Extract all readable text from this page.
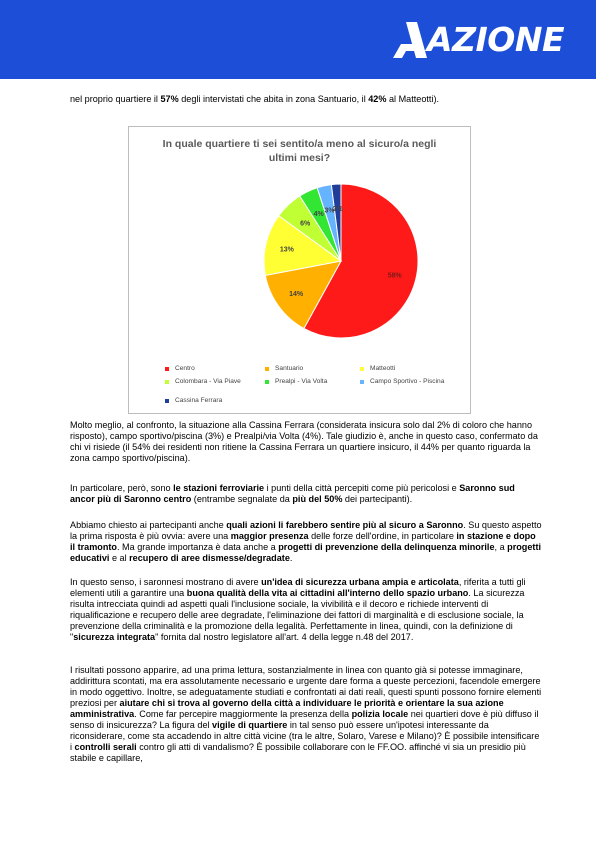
AZIONE
nel proprio quartiere il 57% degli intervistati che abita in zona Santuario, il 42% al Matteotti).
In quale quartiere ti sei sentito/a meno al sicuro/a negli ultimi mesi?
58%
14%
13%
6%
4%
3%
2%
Centro	Santuario	Matteotti
Colombara - Via Piave	Prealpi - Via Volta	Campo Sportivo - Piscina
Cassina Ferrara

Molto meglio, al confronto, la situazione alla Cassina Ferrara (considerata insicura solo dal 2% di coloro che hanno risposto), campo sportivo/piscina (3%) e Prealpi/via Volta (4%). Tale giudizio è, anche in questo caso, confermato da chi vi risiede (il 54% dei residenti non ritiene la Cassina Ferrara un quartiere insicuro, il 44% per quanto riguarda la zona campo sportivo/piscina).

In particolare, però, sono le stazioni ferroviarie i punti della città percepiti come più pericolosi e Saronno sud ancor più di Saronno centro (entrambe segnalate da più del 50% dei partecipanti).

Abbiamo chiesto ai partecipanti anche quali azioni li farebbero sentire più al sicuro a Saronno. Su questo aspetto la prima risposta è più ovvia: avere una maggior presenza delle forze dell'ordine, in particolare in stazione e dopo il tramonto. Ma grande importanza è data anche a progetti di prevenzione della delinquenza minorile, a progetti educativi e al recupero di aree dismesse/degradate.

In questo senso, i saronnesi mostrano di avere un'idea di sicurezza urbana ampia e articolata, riferita a tutti gli elementi utili a garantire una buona qualità della vita ai cittadini all'interno dello spazio urbano. La sicurezza risulta intrecciata quindi ad aspetti quali l'inclusione sociale, la vivibilità e il decoro e richiede interventi di riqualificazione e recupero delle aree degradate, l'eliminazione dei fattori di marginalità e di esclusione sociale, la prevenzione della criminalità e la promozione della legalità. Perfettamente in linea, quindi, con la definizione di "sicurezza integrata" fornita dal nostro legislatore all'art. 4 della legge n.48 del 2017.

I risultati possono apparire, ad una prima lettura, sostanzialmente in linea con quanto già si potesse immaginare, addirittura scontati, ma era assolutamente necessario e urgente dare forma a queste percezioni, facendole emergere in modo oggettivo. Inoltre, se adeguatamente studiati e confrontati ai dati reali, questi spunti possono fornire elementi preziosi per aiutare chi si trova al governo della città a individuare le priorità e orientare la sua azione amministrativa. Come far percepire maggiormente la presenza della polizia locale nei quartieri dove è più diffuso il senso di insicurezza? La figura del vigile di quartiere in tal senso può essere un'ipotesi interessante da riconsiderare, come sta accadendo in altre città vicine (tra le altre, Solaro, Varese e Milano)? È possibile intensificare i controlli serali contro gli atti di vandalismo? È possibile collaborare con le FF.OO. affinché vi sia un presidio più stabile e capillare,
